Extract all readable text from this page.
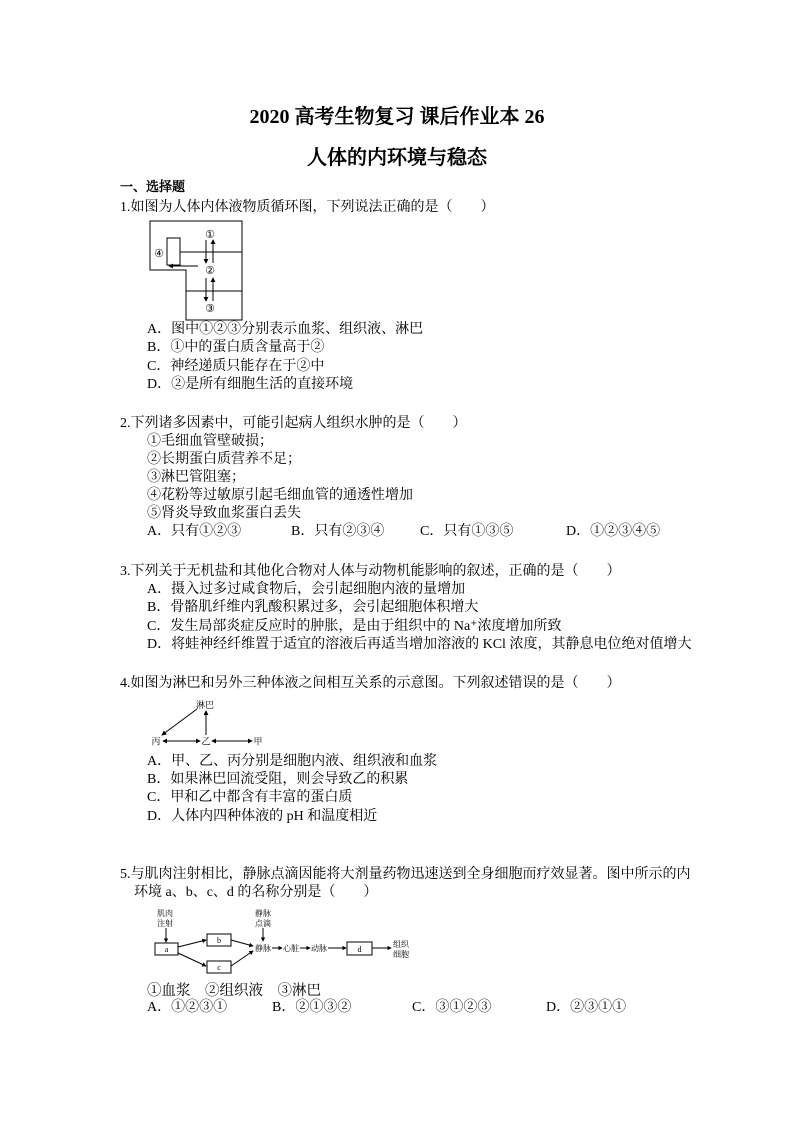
2020 高考生物复习 课后作业本 26
人体的内环境与稳态
一、选择题
1.如图为人体内体液物质循环图，下列说法正确的是（　　）
①
②
③
④
A．图中①②③分别表示血浆、组织液、淋巴
B．①中的蛋白质含量高于②
C．神经递质只能存在于②中
D．②是所有细胞生活的直接环境
2.下列诸多因素中，可能引起病人组织水肿的是（　　）
①毛细血管壁破损；
②长期蛋白质营养不足；
③淋巴管阻塞；
④花粉等过敏原引起毛细血管的通透性增加
⑤肾炎导致血浆蛋白丢失
A．只有①②③	B．只有②③④	C．只有①③⑤	D．①②③④⑤
3.下列关于无机盐和其他化合物对人体与动物机能影响的叙述，正确的是（　　）
A．摄入过多过咸食物后，会引起细胞内液的量增加
B．骨骼肌纤维内乳酸积累过多，会引起细胞体积增大
C．发生局部炎症反应时的肿胀，是由于组织中的 Na⁺浓度增加所致
D．将蛙神经纤维置于适宜的溶液后再适当增加溶液的 KCl 浓度，其静息电位绝对值增大
4.如图为淋巴和另外三种体液之间相互关系的示意图。下列叙述错误的是（　　）
淋巴
丙	乙	甲
A．甲、乙、丙分别是细胞内液、组织液和血浆
B．如果淋巴回流受阻，则会导致乙的积累
C．甲和乙中都含有丰富的蛋白质
D．人体内四种体液的 pH 和温度相近
5.与肌肉注射相比，静脉点滴因能将大剂量药物迅速送到全身细胞而疗效显著。图中所示的内
环境 a、b、c、d 的名称分别是（　　）
肌肉
注射
a
b
c
静脉
点滴
静脉 心脏 动脉	d
组织
细胞
①血浆　②组织液　③淋巴
A．①②③①	B．②①③②	C．③①②③	D．②③①①
